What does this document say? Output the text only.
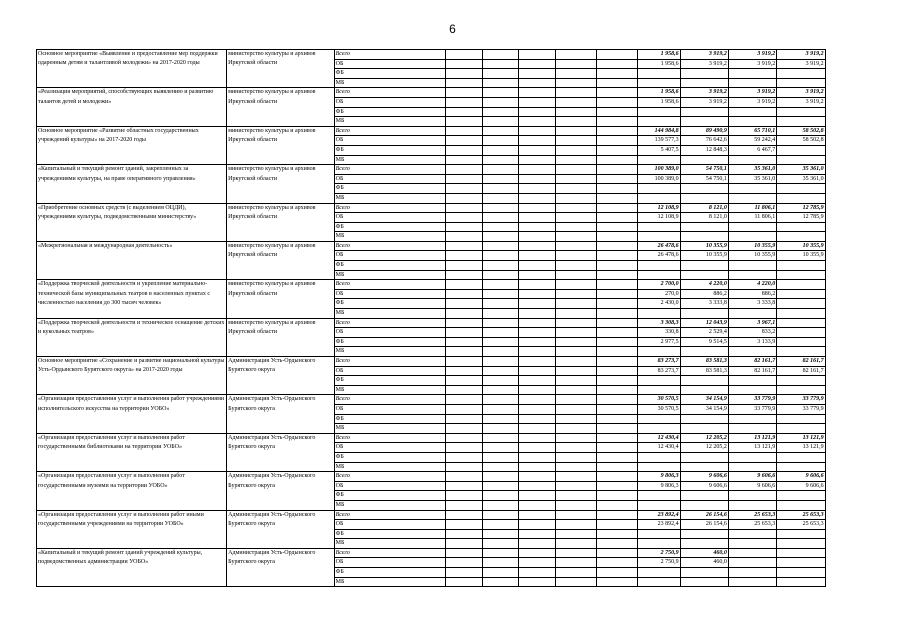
6
Основное мероприятие «Выявление и предоставление мер поддержки одаренным детям и талантливой молодежи» на 2017-2020 годы	министерство культуры и архивов Иркутской области	Всего						1 958,6	3 919,2	3 919,2	3 919,2
		ОБ						1 958,6	3 919,2	3 919,2	3 919,2
		ФБ									
		МБ									
«Реализация мероприятий, способствующих выявлению и развитию талантов детей и молодежи»	министерство культуры и архивов Иркутской области	Всего						1 958,6	3 919,2	3 919,2	3 919,2
		ОБ						1 958,6	3 919,2	3 919,2	3 919,2
		ФБ									
		МБ									
Основное мероприятие «Развитие областных государственных учреждений культуры» на 2017-2020 годы	министерство культуры и архивов Иркутской области	Всего						144 984,8	89 490,9	65 710,1	58 502,8
		ОБ						139 577,3	76 642,6	59 242,4	58 502,8
		ФБ						5 407,5	12 848,3	6 467,7	
		МБ									
«Капитальный и текущий ремонт зданий, закрепленных за учреждениями культуры, на праве оперативного управления»	министерство культуры и архивов Иркутской области	Всего						100 389,0	54 750,1	35 361,0	35 361,0
		ОБ						100 389,0	54 750,1	35 361,0	35 361,0
		ФБ									
		МБ									
«Приобретение основных средств (с выделением ОЦДИ), учреждениями культуры, подведомственными министерству»	министерство культуры и архивов Иркутской области	Всего						12 108,9	8 121,0	11 806,1	12 785,9
		ОБ						12 108,9	8 121,0	11 806,1	12 785,9
		ФБ									
		МБ									
«Межрегиональная и международная деятельность»	министерство культуры и архивов Иркутской области	Всего						26 478,6	10 355,9	10 355,9	10 355,9
		ОБ						26 478,6	10 355,9	10 355,9	10 355,9
		ФБ									
		МБ									
«Поддержка творческой деятельности и укрепление материально-технической базы муниципальных театров в населенных пунктах с численностью населения до 300 тысяч человек»	министерство культуры и архивов Иркутской области	Всего						2 700,0	4 220,0	4 220,0	
		ОБ						270,0	886,2	886,2	
		ФБ						2 430,0	3 333,8	3 333,8	
		МБ									
«Поддержка творческой деятельности и техническое оснащение детских и кукольных театров»	министерство культуры и архивов Иркутской области	Всего						3 308,3	12 043,9	3 967,1	
		ОБ						330,8	2 529,4	833,2	
		ФБ						2 977,5	9 514,5	3 133,9	
		МБ									
Основное мероприятие «Сохранение и развитие национальной культуры Усть-Ордынского Бурятского округа» на 2017-2020 годы	Администрация Усть-Ордынского Бурятского округа	Всего						83 273,7	83 581,3	82 161,7	82 161,7
		ОБ						83 273,7	83 581,3	82 161,7	82 161,7
		ФБ									
		МБ									
«Организация предоставления услуг и выполнения работ учреждениями исполнительского искусства на территории УОБО»	Администрация Усть-Ордынского Бурятского округа	Всего						30 570,5	34 154,9	33 779,9	33 779,9
		ОБ						30 570,5	34 154,9	33 779,9	33 779,9
		ФБ									
		МБ									
«Организация предоставления услуг и выполнения работ государственными библиотеками на территории УОБО»	Администрация Усть-Ордынского Бурятского округа	Всего						12 430,4	12 205,2	13 121,9	13 121,9
		ОБ						12 430,4	12 205,2	13 121,9	13 121,9
		ФБ									
		МБ									
«Организация предоставления услуг и выполнения работ государственными музеями на территории УОБО»	Администрация Усть-Ордынского Бурятского округа	Всего						9 806,3	9 606,6	9 606,6	9 606,6
		ОБ						9 806,3	9 606,6	9 606,6	9 606,6
		ФБ									
		МБ									
«Организация предоставления услуг и выполнения работ иными государственными учреждениями на территории УОБО»	Администрация Усть-Ордынского Бурятского округа	Всего						23 892,4	26 154,6	25 653,3	25 653,3
		ОБ						23 892,4	26 154,6	25 653,3	25 653,3
		ФБ									
		МБ									
«Капитальный и текущий ремонт зданий учреждений культуры, подведомственных администрации УОБО»	Администрация Усть-Ордынского Бурятского округа	Всего						2 750,9	460,0		
		ОБ						2 750,9	460,0		
		ФБ									
		МБ									
